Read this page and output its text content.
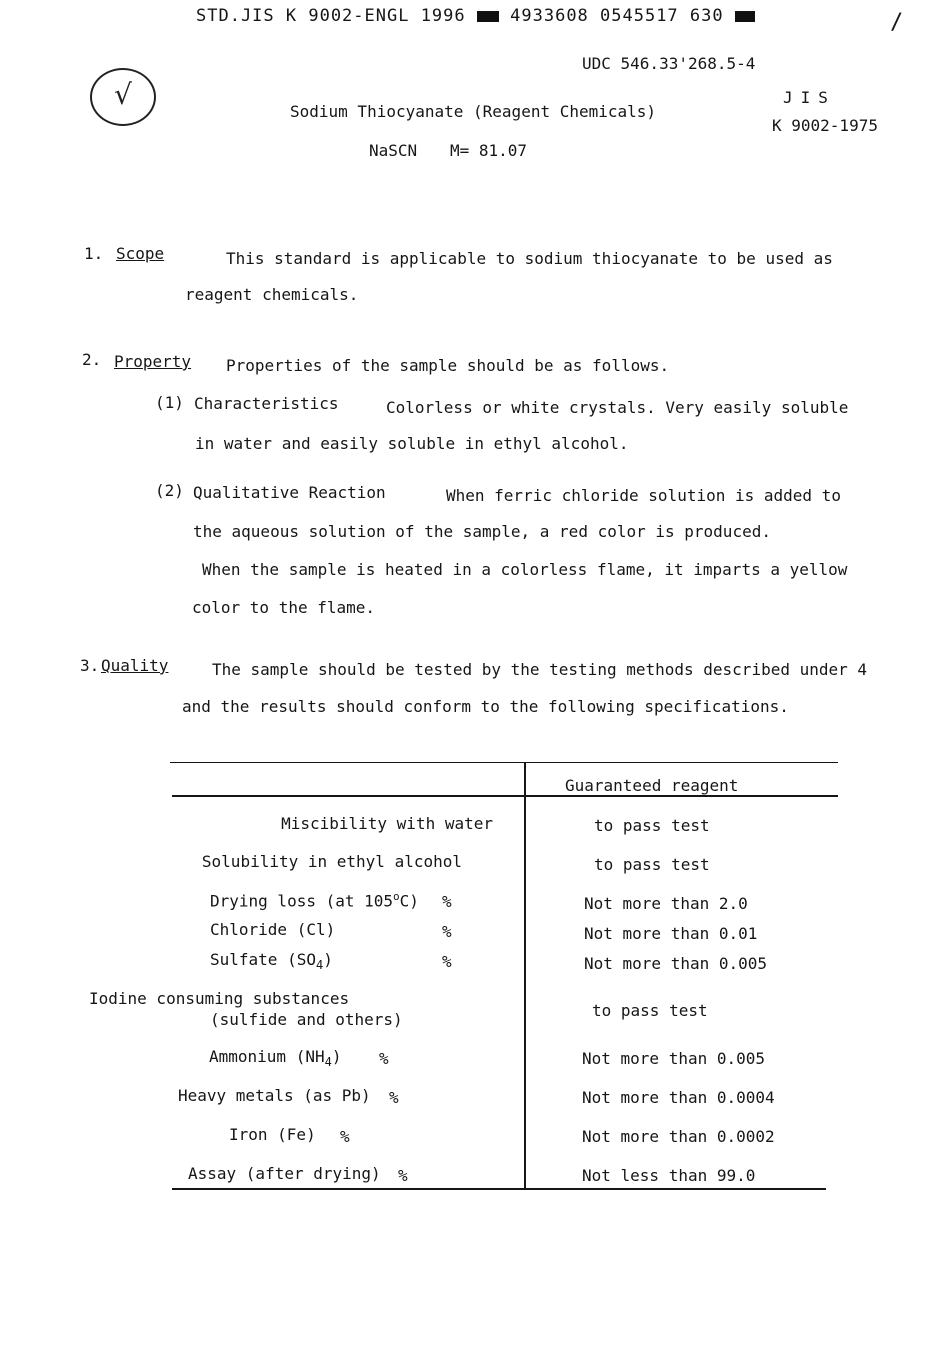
STD.JIS K 9002-ENGL 1996	4933608 0545517 630	/
√
UDC 546.33'268.5-4
JIS
K 9002-1975
Sodium Thiocyanate (Reagent Chemicals)
NaSCN M= 81.07
1. Scope	This standard is applicable to sodium thiocyanate to be used as
reagent chemicals.
2. Property Properties of the sample should be as follows.
(1) Characteristics	Colorless or white crystals. Very easily soluble
in water and easily soluble in ethyl alcohol.
(2) Qualitative Reaction	When ferric chloride solution is added to
the aqueous solution of the sample, a red color is produced.
When the sample is heated in a colorless flame, it imparts a yellow
color to the flame.
3. Quality	The sample should be tested by the testing methods described under 4
and the results should conform to the following specifications.
Guaranteed reagent
Miscibility with water	to pass test
Solubility in ethyl alcohol	to pass test
Drying loss (at 105$^o$C) %	Not more than 2.0
Chloride (Cl)	%	Not more than 0.01
Sulfate $(SO_4)$	%	Not more than 0.005
Iodine consuming substances
(sulfide and others)	to pass test
Ammonium $(NH_4)$ %	Not more than 0.005
Heavy metals (as Pb) %	Not more than 0.0004
Iron (Fe) %	Not more than 0.0002
Assay (after drying) %	Not less than 99.0
